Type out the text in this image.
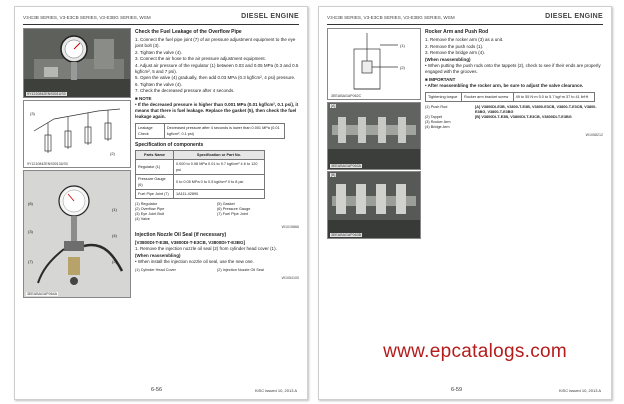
V3-E3B SERIES, V3-E3CB SERIES, V3-E3BG SERIES, WSM	DIESEL ENGINE
9Y1210842ENS001US0
(3)
(2)
9Y1210842ENS0013US0
(6)
(3)
(1)
(4)
(7)	(2)
3EEABAGAP064A
Check the Fuel Leakage of the Overflow Pipe
1. Connect the fuel pipe joint (7) of air pressure adjustment equipment to the eye joint bolt (3).
2. Tighten the valve (4).
3. Connect the air hose to the air pressure adjustment equipment.
4. Adjust air pressure of the regulator (1) between 0.03 and 0.05 MPa (0.3 and 0.5 kgf/cm², 5 and 7 psi).
5. Open the valve (4) gradually, then add 0.03 MPa (0.3 kgf/cm², 4 psi) pressure.
6. Tighten the valve (4).
7. Check the decreased pressure after 4 seconds.
■ NOTE
• If the decreased pressure is higher than 0.001 MPa (0.01 kgf/cm², 0.1 psi), it means that there is fuel leakage. Replace the gasket (5), then check the fuel leakage again.
Leakage Check	Decreased pressure after 4 seconds is lower than 0.001 MPa (0.01 kgf/cm², 0.1 psi)
Specification of components
Parts Name	Specification or Part No.
Regulator (1)	0.000 to 0.98 MPa 0.01 to 9.7 kgf/cm² 4.6 to 120 psi
Pressure Gauge (6)	0 to 0.05 MPa 0 to 0.5 kgf/cm² 0 to 8 psi
Fuel Pipe Joint (7)	1A111-42890
(1) Regulator	(5) Gasket
(2) Overflow Pipe	(6) Pressure Gauge
(3) Eye Joint Bolt	(7) Fuel Pipe Joint
(4) Valve
W1015866
Injection Nozzle Oil Seal (if necessary)
[V3800DI-T-E3B, V3800DI-T-E3CB, V3800DI-T-E3BG]
1. Remove the injection nozzle oil seal (2) from cylinder head cover (1).
(When reassembling)
• When install the injection nozzle oil seal, use the new one.
(1) Cylinder Head Cover	(2) Injection Nozzle Oil Seal
W1054100
6-56	KiSC issued 10, 2013 A
V3-E3B SERIES, V3-E3CB SERIES, V3-E3BG SERIES, WSM	DIESEL ENGINE
(1)
(2)
3EEABAGAP062C
[A]
3EEABAGAP063A
[B]
3EEABAGAP063B
Rocker Arm and Push Rod
1. Remove the rocker arm (3) as a unit.
2. Remove the push rods (1).
3. Remove the bridge arm (4).
(When reassembling)
• When putting the push rods onto the tappets (2), check to see if their ends are properly engaged with the grooves.
■ IMPORTANT
• After reassembling the rocker arm, be sure to adjust the valve clearance.
Tightening torque	Rocker arm bracket screw	49 to 55 N·m 5.0 to 5.7 kgf·m 37 to 41 lbf·ft
(1) Push Rod	[A] V3800DI-E3B, V3800-T-E3B, V3800-E3CB, V3800-T-E3CB, V3800-E3BG, V3800-T-E3BG
(2) Tappet	[B] V3800DI-T-E3B, V3800DI-T-E3CB, V3800DI-T-E3BG
(3) Rocker Arm
(4) Bridge Arm
W1058212
www.epcatalogs.com
6-59	KiSC issued 10, 2013 A
